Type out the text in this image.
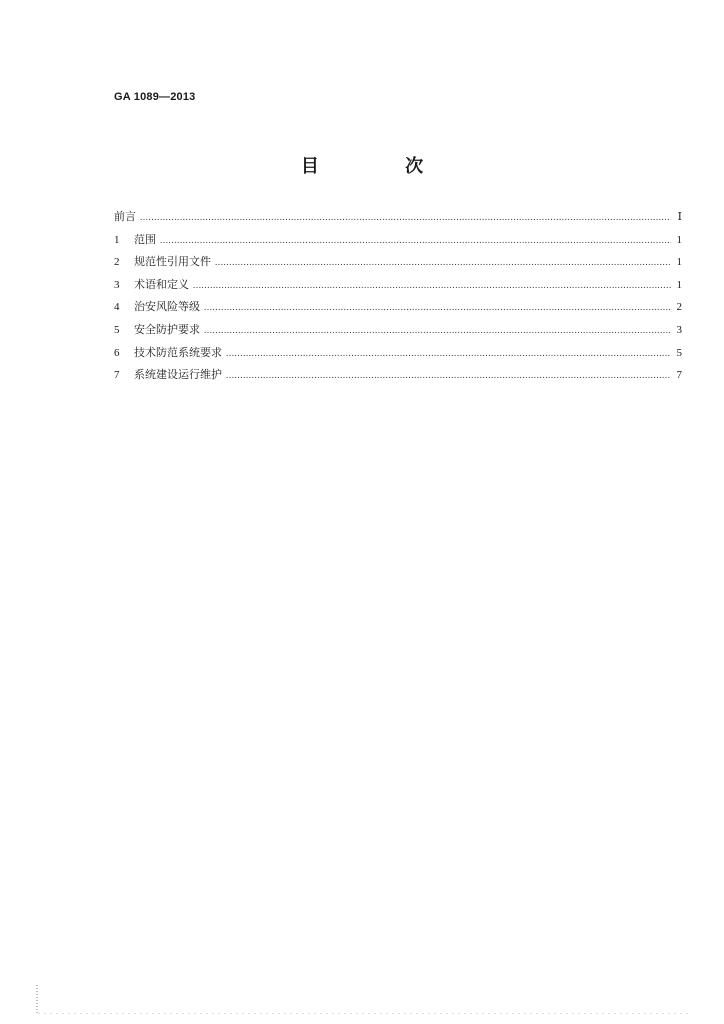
GA 1089—2013
目 次
前言 .....	Ⅰ
1	范围 .....	1
2	规范性引用文件 .....	1
3	术语和定义 .....	1
4	治安风险等级 .....	2
5	安全防护要求 .....	3
6	技术防范系统要求 .....	5
7	系统建设运行维护 .....	7
